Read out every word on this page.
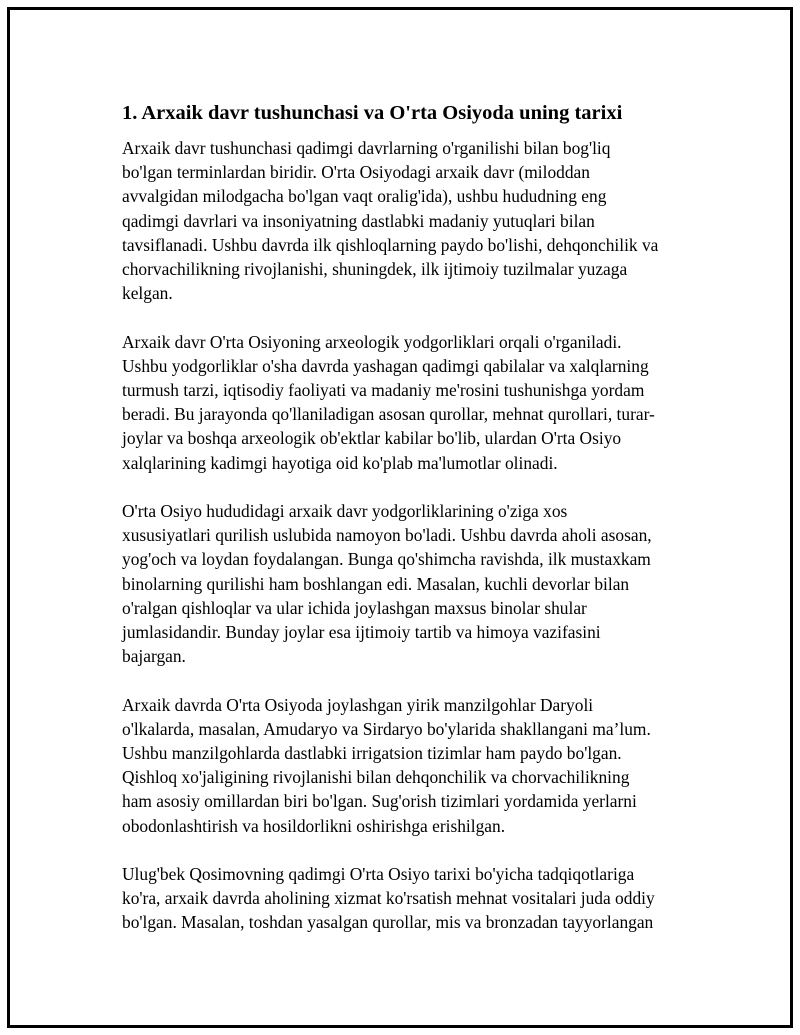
1. Arxaik davr tushunchasi va O'rta Osiyoda uning tarixi

Arxaik davr tushunchasi qadimgi davrlarning o'rganilishi bilan bog'liq
bo'lgan terminlardan biridir. O'rta Osiyodagi arxaik davr (miloddan
avvalgidan milodgacha bo'lgan vaqt oralig'ida), ushbu hududning eng
qadimgi davrlari va insoniyatning dastlabki madaniy yutuqlari bilan
tavsiflanadi. Ushbu davrda ilk qishloqlarning paydo bo'lishi, dehqonchilik va
chorvachilikning rivojlanishi, shuningdek, ilk ijtimoiy tuzilmalar yuzaga
kelgan.

Arxaik davr O'rta Osiyoning arxeologik yodgorliklari orqali o'rganiladi.
Ushbu yodgorliklar o'sha davrda yashagan qadimgi qabilalar va xalqlarning
turmush tarzi, iqtisodiy faoliyati va madaniy me'rosini tushunishga yordam
beradi. Bu jarayonda qo'llaniladigan asosan qurollar, mehnat qurollari, turar-
joylar va boshqa arxeologik ob'ektlar kabilar bo'lib, ulardan O'rta Osiyo
xalqlarining kadimgi hayotiga oid ko'plab ma'lumotlar olinadi.

O'rta Osiyo hududidagi arxaik davr yodgorliklarining o'ziga xos
xususiyatlari qurilish uslubida namoyon bo'ladi. Ushbu davrda aholi asosan,
yog'och va loydan foydalangan. Bunga qo'shimcha ravishda, ilk mustaxkam
binolarning qurilishi ham boshlangan edi. Masalan, kuchli devorlar bilan
o'ralgan qishloqlar va ular ichida joylashgan maxsus binolar shular
jumlasidandir. Bunday joylar esa ijtimoiy tartib va himoya vazifasini
bajargan.

Arxaik davrda O'rta Osiyoda joylashgan yirik manzilgohlar Daryoli
o'lkalarda, masalan, Amudaryo va Sirdaryo bo'ylarida shakllangani ma’lum.
Ushbu manzilgohlarda dastlabki irrigatsion tizimlar ham paydo bo'lgan.
Qishloq xo'jaligining rivojlanishi bilan dehqonchilik va chorvachilikning
ham asosiy omillardan biri bo'lgan. Sug'orish tizimlari yordamida yerlarni
obodonlashtirish va hosildorlikni oshirishga erishilgan.

Ulug'bek Qosimovning qadimgi O'rta Osiyo tarixi bo'yicha tadqiqotlariga
ko'ra, arxaik davrda aholining xizmat ko'rsatish mehnat vositalari juda oddiy
bo'lgan. Masalan, toshdan yasalgan qurollar, mis va bronzadan tayyorlangan
